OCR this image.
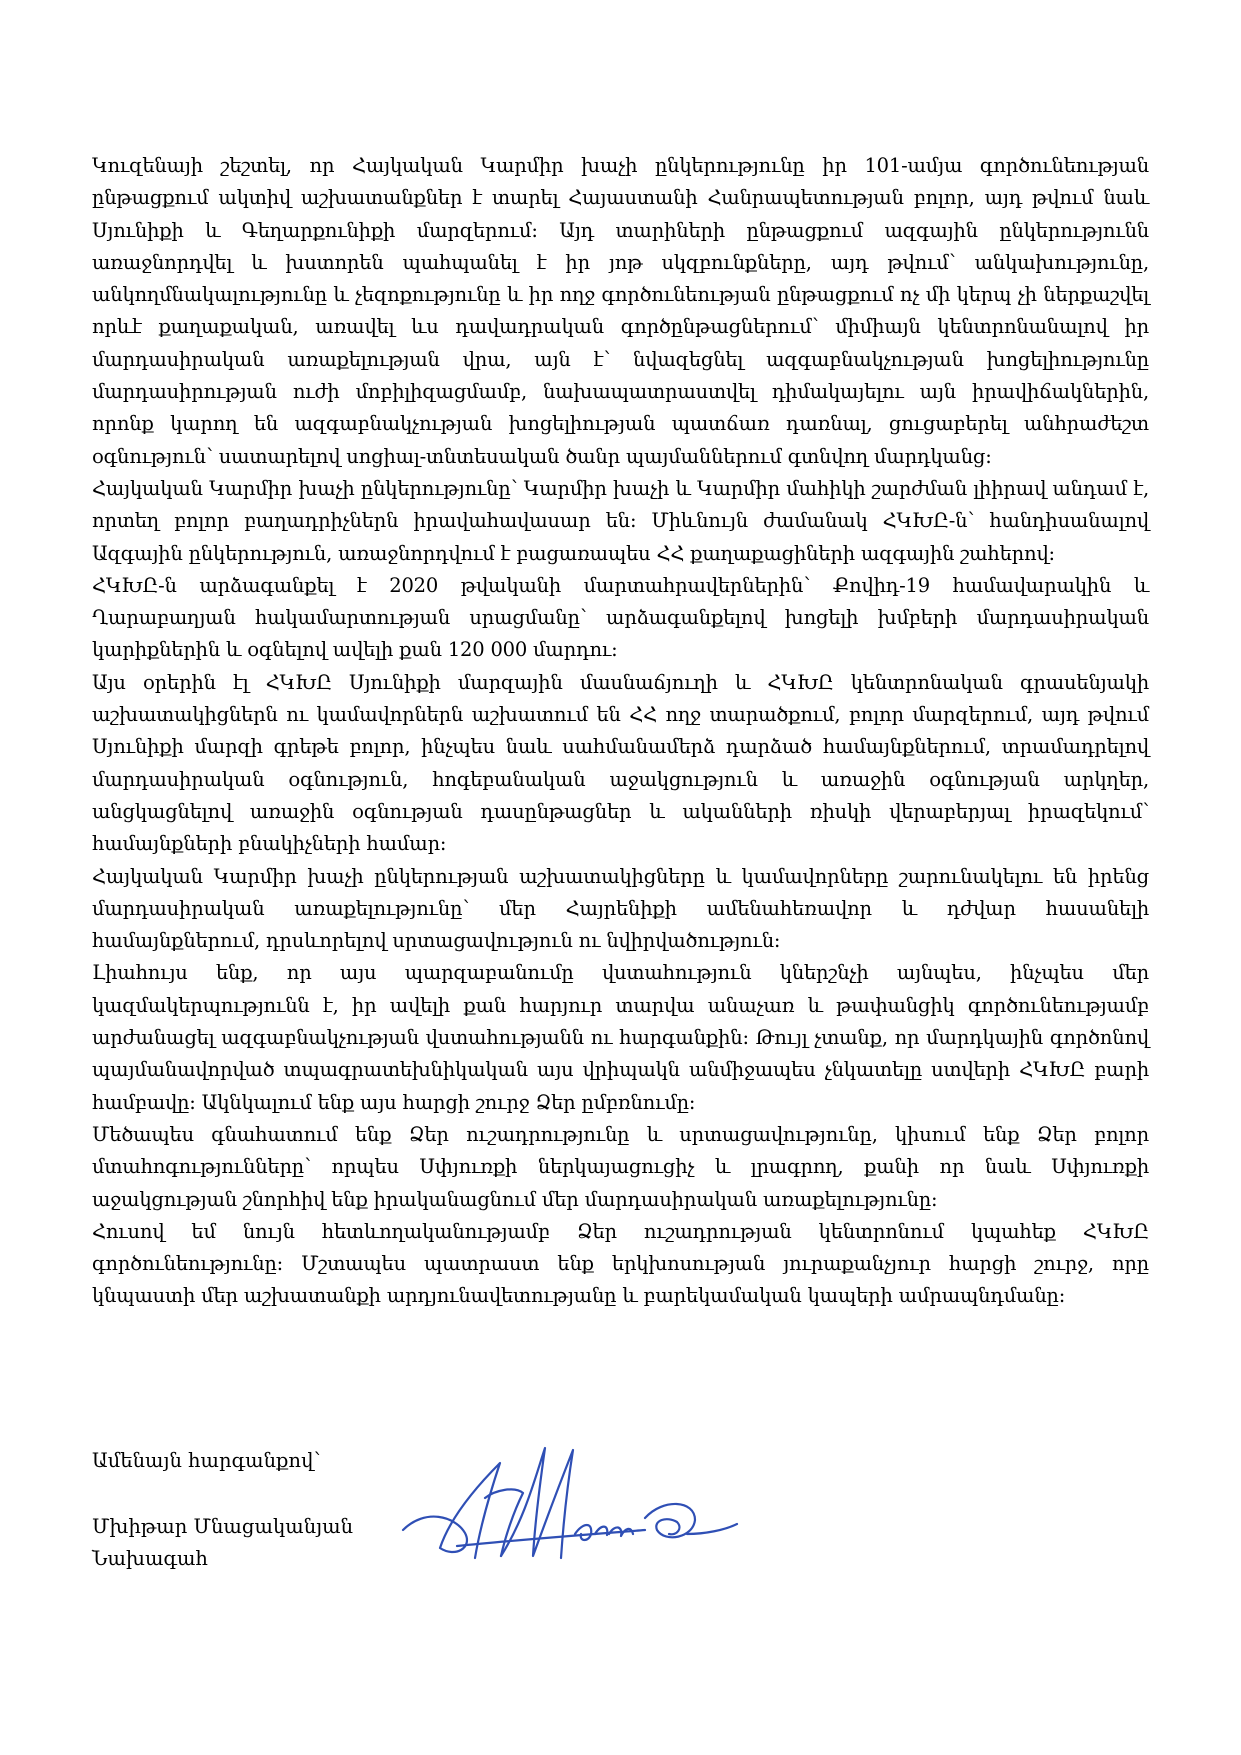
Կուզենայի շեշտել, որ Հայկական Կարմիր խաչի ընկերությունը իր 101-ամյա գործունեության ընթացքում ակտիվ աշխատանքներ է տարել Հայաստանի Հանրապետության բոլոր, այդ թվում նաև Սյունիքի և Գեղարքունիքի մարզերում: Այդ տարիների ընթացքում ազգային ընկերությունն առաջնորդվել և խստորեն պահպանել է իր յոթ սկզբունքները, այդ թվում՝ անկախությունը, անկողմնակալությունը և չեզոքությունը և իր ողջ գործունեության ընթացքում ոչ մի կերպ չի ներքաշվել որևէ քաղաքական, առավել ևս դավադրական գործընթացներում՝ միմիայն կենտրոնանալով իր մարդասիրական առաքելության վրա, այն է՝ նվազեցնել ազգաբնակչության խոցելիությունը մարդասիրության ուժի մոբիլիզացմամբ, նախապատրաստվել դիմակայելու այն իրավիճակներին, որոնք կարող են ազգաբնակչության խոցելիության պատճառ դառնալ, ցուցաբերել անհրաժեշտ օգնություն՝ սատարելով սոցիալ-տնտեսական ծանր պայմաններում գտնվող մարդկանց:

Հայկական Կարմիր խաչի ընկերությունը՝ Կարմիր խաչի և Կարմիր մահիկի շարժման լիիրավ անդամ է, որտեղ բոլոր բաղադրիչներն իրավահավասար են: Միևնույն ժամանակ ՀԿԽԸ-ն՝ հանդիսանալով Ազգային ընկերություն, առաջնորդվում է բացառապես ՀՀ քաղաքացիների ազգային շահերով:

ՀԿԽԸ-ն արձագանքել է 2020 թվականի մարտահրավերներին՝ Քովիդ-19 համավարակին և Ղարաբաղյան հակամարտության սրացմանը՝ արձագանքելով խոցելի խմբերի մարդասիրական կարիքներին և օգնելով ավելի քան 120 000 մարդու:

Այս օրերին էլ ՀԿԽԸ Սյունիքի մարզային մասնաճյուղի և ՀԿԽԸ կենտրոնական գրասենյակի աշխատակիցներն ու կամավորներն աշխատում են ՀՀ ողջ տարածքում, բոլոր մարզերում, այդ թվում Սյունիքի մարզի գրեթե բոլոր, ինչպես նաև սահմանամերձ դարձած համայնքներում, տրամադրելով մարդասիրական օգնություն, հոգեբանական աջակցություն և առաջին օգնության արկղեր, անցկացնելով առաջին օգնության դասընթացներ և ականների ռիսկի վերաբերյալ իրազեկում՝ համայնքների բնակիչների համար:

Հայկական Կարմիր խաչի ընկերության աշխատակիցները և կամավորները շարունակելու են իրենց մարդասիրական առաքելությունը՝ մեր Հայրենիքի ամենահեռավոր և դժվար հասանելի համայնքներում, դրսևորելով սրտացավություն ու նվիրվածություն:

Լիահույս ենք, որ այս պարզաբանումը վստահություն կներշնչի այնպես, ինչպես մեր կազմակերպությունն է, իր ավելի քան հարյուր տարվա անաչառ և թափանցիկ գործունեությամբ արժանացել ազգաբնակչության վստահությանն ու հարգանքին: Թույլ չտանք, որ մարդկային գործոնով պայմանավորված տպագրատեխնիկական այս վրիպակն անմիջապես չնկատելը ստվերի ՀԿԽԸ բարի համբավը: Ակնկալում ենք այս հարցի շուրջ Ձեր ըմբռնումը:

Մեծապես գնահատում ենք Ձեր ուշադրությունը և սրտացավությունը, կիսում ենք Ձեր բոլոր մտահոգությունները՝ որպես Սփյուռքի ներկայացուցիչ և լրագրող, քանի որ նաև Սփյուռքի աջակցության շնորհիվ ենք իրականացնում մեր մարդասիրական առաքելությունը:

Հուսով եմ նույն հետևողականությամբ Ձեր ուշադրության կենտրոնում կպահեք ՀԿԽԸ գործունեությունը: Մշտապես պատրաստ ենք երկխոսության յուրաքանչյուր հարցի շուրջ, որը կնպաստի մեր աշխատանքի արդյունավետությանը և բարեկամական կապերի ամրապնդմանը:

Ամենայն հարգանքով՝
Մխիթար Մնացականյան
Նախագահ
